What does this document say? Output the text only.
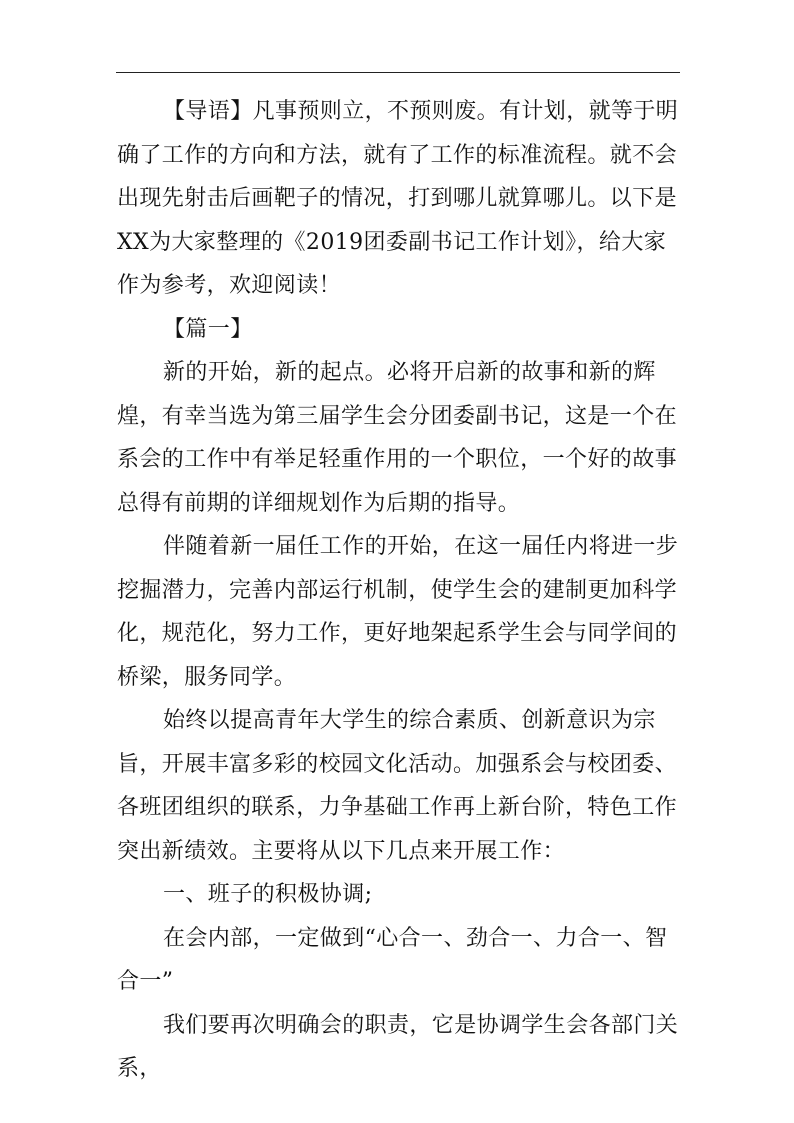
【导语】凡事预则立，不预则废。有计划，就等于明确了工作的方向和方法，就有了工作的标准流程。就不会出现先射击后画靶子的情况，打到哪儿就算哪儿。以下是 XX为大家整理的《2019团委副书记工作计划》，给大家作为参考，欢迎阅读！

【篇一】

新的开始，新的起点。必将开启新的故事和新的辉煌，有幸当选为第三届学生会分团委副书记，这是一个在系会的工作中有举足轻重作用的一个职位，一个好的故事总得有前期的详细规划作为后期的指导。

伴随着新一届任工作的开始，在这一届任内将进一步挖掘潜力，完善内部运行机制，使学生会的建制更加科学化，规范化，努力工作，更好地架起系学生会与同学间的桥梁，服务同学。

始终以提高青年大学生的综合素质、创新意识为宗旨，开展丰富多彩的校园文化活动。加强系会与校团委、各班团组织的联系，力争基础工作再上新台阶，特色工作突出新绩效。主要将从以下几点来开展工作：

一、班子的积极协调;

在会内部，一定做到“心合一、劲合一、力合一、智合一”

我们要再次明确会的职责，它是协调学生会各部门关系，
